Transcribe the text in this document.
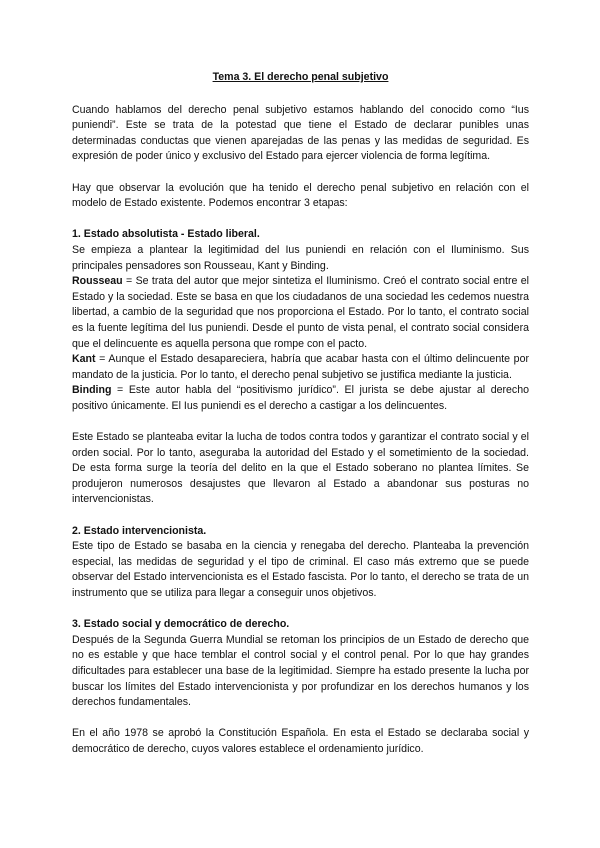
Tema 3. El derecho penal subjetivo

Cuando hablamos del derecho penal subjetivo estamos hablando del conocido como “Ius puniendi”. Este se trata de la potestad que tiene el Estado de declarar punibles unas determinadas conductas que vienen aparejadas de las penas y las medidas de seguridad. Es expresión de poder único y exclusivo del Estado para ejercer violencia de forma legítima.

Hay que observar la evolución que ha tenido el derecho penal subjetivo en relación con el modelo de Estado existente. Podemos encontrar 3 etapas:

1. Estado absolutista - Estado liberal.

Se empieza a plantear la legitimidad del Ius puniendi en relación con el Iluminismo. Sus principales pensadores son Rousseau, Kant y Binding.

Rousseau = Se trata del autor que mejor sintetiza el Iluminismo. Creó el contrato social entre el Estado y la sociedad. Este se basa en que los ciudadanos de una sociedad les cedemos nuestra libertad, a cambio de la seguridad que nos proporciona el Estado. Por lo tanto, el contrato social es la fuente legítima del Ius puniendi. Desde el punto de vista penal, el contrato social considera que el delincuente es aquella persona que rompe con el pacto.

Kant = Aunque el Estado desapareciera, habría que acabar hasta con el último delincuente por mandato de la justicia. Por lo tanto, el derecho penal subjetivo se justifica mediante la justicia.

Binding = Este autor habla del “positivismo jurídico”. El jurista se debe ajustar al derecho positivo únicamente. El Ius puniendi es el derecho a castigar a los delincuentes.

Este Estado se planteaba evitar la lucha de todos contra todos y garantizar el contrato social y el orden social. Por lo tanto, aseguraba la autoridad del Estado y el sometimiento de la sociedad. De esta forma surge la teoría del delito en la que el Estado soberano no plantea límites. Se produjeron numerosos desajustes que llevaron al Estado a abandonar sus posturas no intervencionistas.

2. Estado intervencionista.

Este tipo de Estado se basaba en la ciencia y renegaba del derecho. Planteaba la prevención especial, las medidas de seguridad y el tipo de criminal. El caso más extremo que se puede observar del Estado intervencionista es el Estado fascista. Por lo tanto, el derecho se trata de un instrumento que se utiliza para llegar a conseguir unos objetivos.

3. Estado social y democrático de derecho.

Después de la Segunda Guerra Mundial se retoman los principios de un Estado de derecho que no es estable y que hace temblar el control social y el control penal. Por lo que hay grandes dificultades para establecer una base de la legitimidad. Siempre ha estado presente la lucha por buscar los límites del Estado intervencionista y por profundizar en los derechos humanos y los derechos fundamentales.

En el año 1978 se aprobó la Constitución Española. En esta el Estado se declaraba social y democrático de derecho, cuyos valores establece el ordenamiento jurídico.
